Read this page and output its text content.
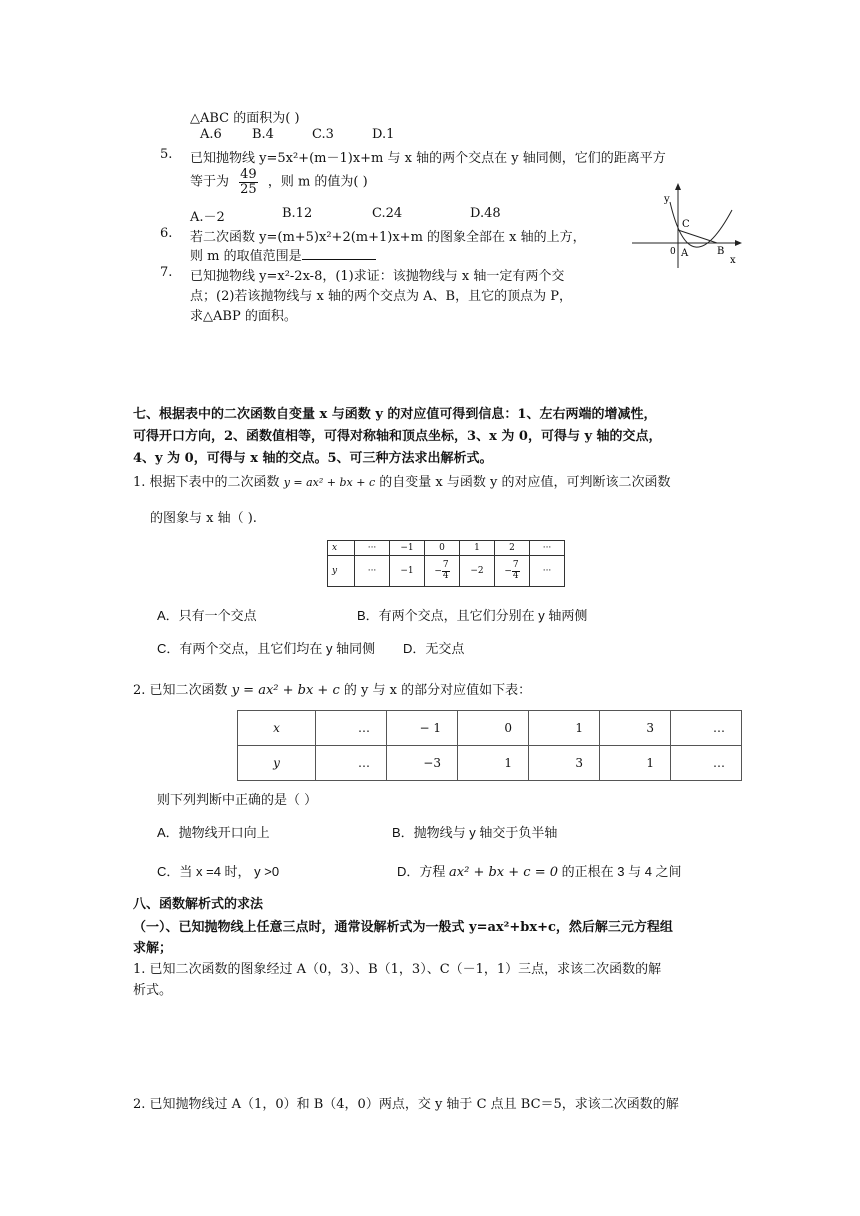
△ABC 的面积为( )
A.6 B.4	C.3	D.1
5. 已知抛物线 y=5x²+(m－1)x+m 与 x 轴的两个交点在 y 轴同侧，它们的距离平方
等于为 $\frac{49}{25}$ ，则 m 的值为( )
A.－2	B.12	C.24	D.48
6. 若二次函数 y=(m+5)x²+2(m+1)x+m 的图象全部在 x 轴的上方，
则 m 的取值范围是
7. 已知抛物线 y=x²-2x-8，(1)求证：该抛物线与 x 轴一定有两个交
点；(2)若该抛物线与 x 轴的两个交点为 A、B，且它的顶点为 P，
求△ABP 的面积。
y
x
C
0 A	B
七、根据表中的二次函数自变量 x 与函数 y 的对应值可得到信息：1、左右两端的增减性，
可得开口方向，2、函数值相等，可得对称轴和顶点坐标，3、x 为 0，可得与 y 轴的交点，
4、y 为 0，可得与 x 轴的交点。5、可三种方法求出解析式。
1. 根据下表中的二次函数 y = ax² + bx + c 的自变量 x 与函数 y 的对应值，可判断该二次函数
的图象与 x 轴（ ).
x	···	−1	0	1	2	···
y	···	−1	− $\frac{7}{4}$	−2	− $\frac{7}{4}$	···
A．只有一个交点	B．有两个交点，且它们分别在 y 轴两侧
C．有两个交点，且它们均在 y 轴同侧 D．无交点
2. 已知二次函数 y = ax² + bx + c 的 y 与 x 的部分对应值如下表：
x	…	− 1	0	1	3	…
y	…	−3	1	3	1	…
则下列判断中正确的是（ ）
A．抛物线开口向上	B．抛物线与 y 轴交于负半轴
C．当 x =4 时， y >0	D．方程 ax² + bx + c = 0 的正根在 3 与 4 之间
八、函数解析式的求法
（一）、已知抛物线上任意三点时，通常设解析式为一般式 y=ax²+bx+c，然后解三元方程组
求解；
1. 已知二次函数的图象经过 A（0，3）、B（1，3）、C（－1，1）三点，求该二次函数的解
析式。
2. 已知抛物线过 A（1，0）和 B（4，0）两点，交 y 轴于 C 点且 BC＝5，求该二次函数的解
